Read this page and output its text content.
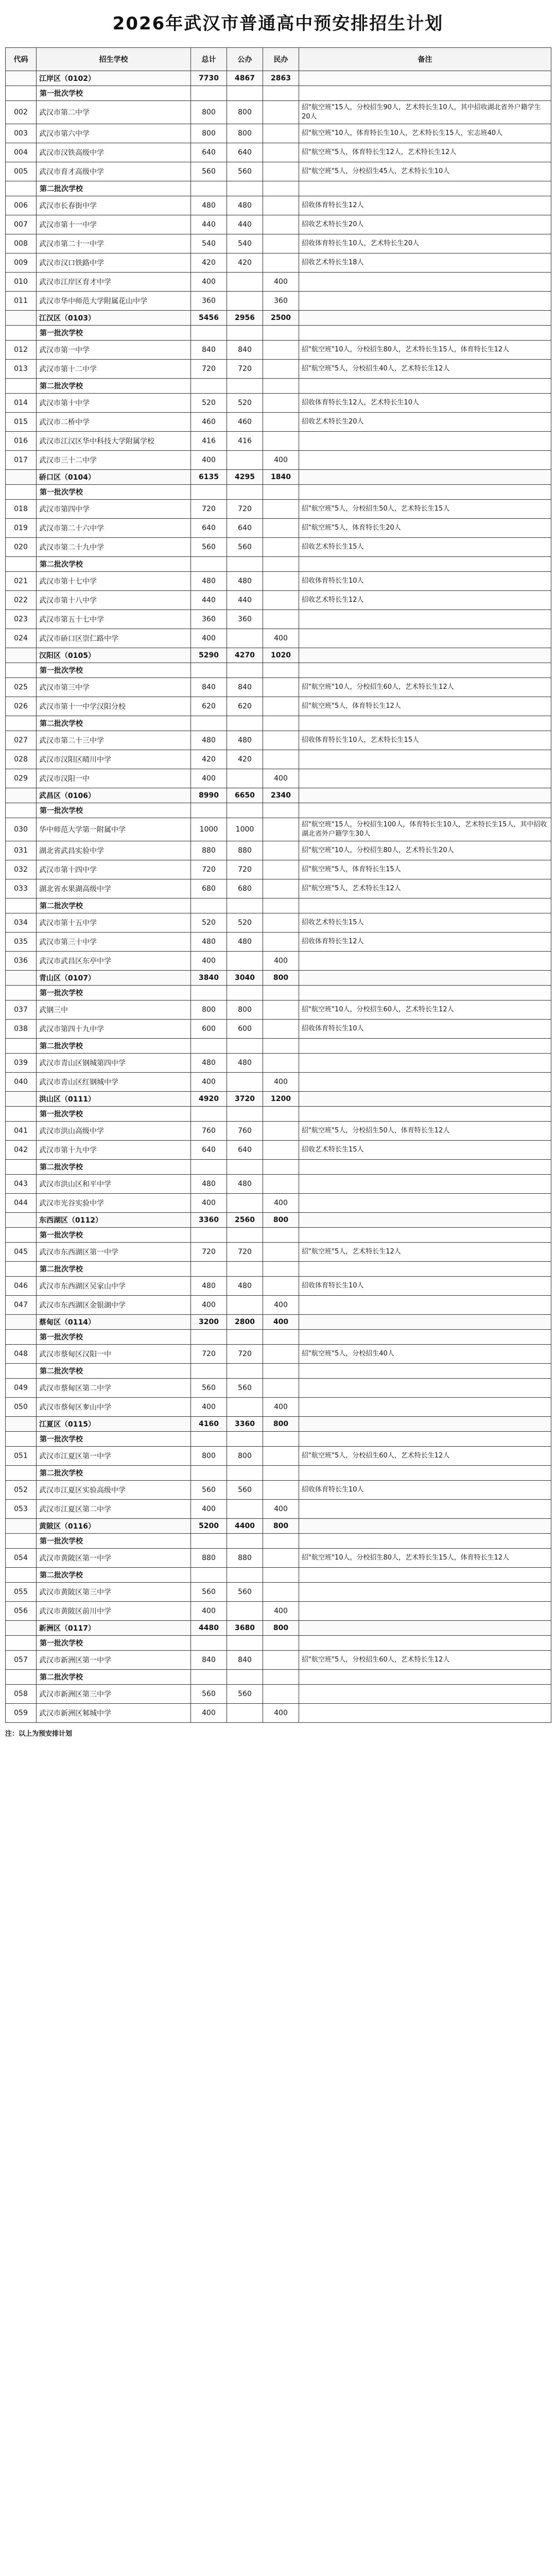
2026年武汉市普通高中预安排招生计划
代码	招生学校	总计	公办	民办	备注
	江岸区（0102）	7730	4867	2863	
	第一批次学校				
002	武汉市第二中学	800	800		招"航空班"15人，分校招生90人，艺术特长生10人，其中招收湖北省外户籍学生20人
003	武汉市第六中学	800	800		招"航空班"10人，体育特长生10人，艺术特长生15人，宏志班40人
004	武汉市汉铁高级中学	640	640		招"航空班"5人，体育特长生12人，艺术特长生12人
005	武汉市育才高级中学	560	560		招"航空班"5人，分校招生45人，艺术特长生10人
	第二批次学校				
006	武汉市长春街中学	480	480		招收体育特长生12人
007	武汉市第十一中学	440	440		招收艺术特长生20人
008	武汉市第二十一中学	540	540		招收体育特长生10人，艺术特长生20人
009	武汉市汉口铁路中学	420	420		招收艺术特长生18人
010	武汉市江岸区育才中学	400		400	
011	武汉市华中师范大学附属花山中学	360		360	
	江汉区（0103）	5456	2956	2500	
	第一批次学校				
012	武汉市第一中学	840	840		招"航空班"10人，分校招生80人，艺术特长生15人，体育特长生12人
013	武汉市第十二中学	720	720		招"航空班"5人，分校招生40人，艺术特长生12人
	第二批次学校				
014	武汉市第十中学	520	520		招收体育特长生12人，艺术特长生10人
015	武汉市二桥中学	460	460		招收艺术特长生20人
016	武汉市江汉区华中科技大学附属学校	416	416		
017	武汉市三十二中学	400		400	
	硚口区（0104）	6135	4295	1840	
	第一批次学校				
018	武汉市第四中学	720	720		招"航空班"5人，分校招生50人，艺术特长生15人
019	武汉市第二十六中学	640	640		招"航空班"5人，体育特长生20人
020	武汉市第二十九中学	560	560		招收艺术特长生15人
	第二批次学校				
021	武汉市第十七中学	480	480		招收体育特长生10人
022	武汉市第十八中学	440	440		招收艺术特长生12人
023	武汉市第五十七中学	360	360		
024	武汉市硚口区崇仁路中学	400		400	
	汉阳区（0105）	5290	4270	1020	
	第一批次学校				
025	武汉市第三中学	840	840		招"航空班"10人，分校招生60人，艺术特长生12人
026	武汉市第十一中学汉阳分校	620	620		招"航空班"5人，体育特长生12人
	第二批次学校				
027	武汉市第二十三中学	480	480		招收体育特长生10人，艺术特长生15人
028	武汉市汉阳区晴川中学	420	420		
029	武汉市汉阳一中	400		400	
	武昌区（0106）	8990	6650	2340	
	第一批次学校				
030	华中师范大学第一附属中学	1000	1000		招"航空班"15人，分校招生100人，体育特长生10人，艺术特长生15人，其中招收湖北省外户籍学生30人
031	湖北省武昌实验中学	880	880		招"航空班"10人，分校招生80人，艺术特长生20人
032	武汉市第十四中学	720	720		招"航空班"5人，体育特长生15人
033	湖北省水果湖高级中学	680	680		招"航空班"5人，艺术特长生12人
	第二批次学校				
034	武汉市第十五中学	520	520		招收艺术特长生15人
035	武汉市第三十中学	480	480		招收体育特长生12人
036	武汉市武昌区东亭中学	400		400	
	青山区（0107）	3840	3040	800	
	第一批次学校				
037	武钢三中	800	800		招"航空班"10人，分校招生60人，艺术特长生12人
038	武汉市第四十九中学	600	600		招收体育特长生10人
	第二批次学校				
039	武汉市青山区钢城第四中学	480	480		
040	武汉市青山区红钢城中学	400		400	
	洪山区（0111）	4920	3720	1200	
	第一批次学校				
041	武汉市洪山高级中学	760	760		招"航空班"5人，分校招生50人，体育特长生12人
042	武汉市第十九中学	640	640		招收艺术特长生15人
	第二批次学校				
043	武汉市洪山区和平中学	480	480		
044	武汉市光谷实验中学	400		400	
	东西湖区（0112）	3360	2560	800	
	第一批次学校				
045	武汉市东西湖区第一中学	720	720		招"航空班"5人，艺术特长生12人
	第二批次学校				
046	武汉市东西湖区吴家山中学	480	480		招收体育特长生10人
047	武汉市东西湖区金银湖中学	400		400	
	蔡甸区（0114）	3200	2800	400	
	第一批次学校				
048	武汉市蔡甸区汉阳一中	720	720		招"航空班"5人，分校招生40人
	第二批次学校				
049	武汉市蔡甸区第二中学	560	560		
050	武汉市蔡甸区奓山中学	400		400	
	江夏区（0115）	4160	3360	800	
	第一批次学校				
051	武汉市江夏区第一中学	800	800		招"航空班"5人，分校招生60人，艺术特长生12人
	第二批次学校				
052	武汉市江夏区实验高级中学	560	560		招收体育特长生10人
053	武汉市江夏区第二中学	400		400	
	黄陂区（0116）	5200	4400	800	
	第一批次学校				
054	武汉市黄陂区第一中学	880	880		招"航空班"10人，分校招生80人，艺术特长生15人，体育特长生12人
	第二批次学校				
055	武汉市黄陂区第三中学	560	560		
056	武汉市黄陂区前川中学	400		400	
	新洲区（0117）	4480	3680	800	
	第一批次学校				
057	武汉市新洲区第一中学	840	840		招"航空班"5人，分校招生60人，艺术特长生12人
	第二批次学校				
058	武汉市新洲区第三中学	560	560		
059	武汉市新洲区邾城中学	400		400	
注：以上为预安排计划
